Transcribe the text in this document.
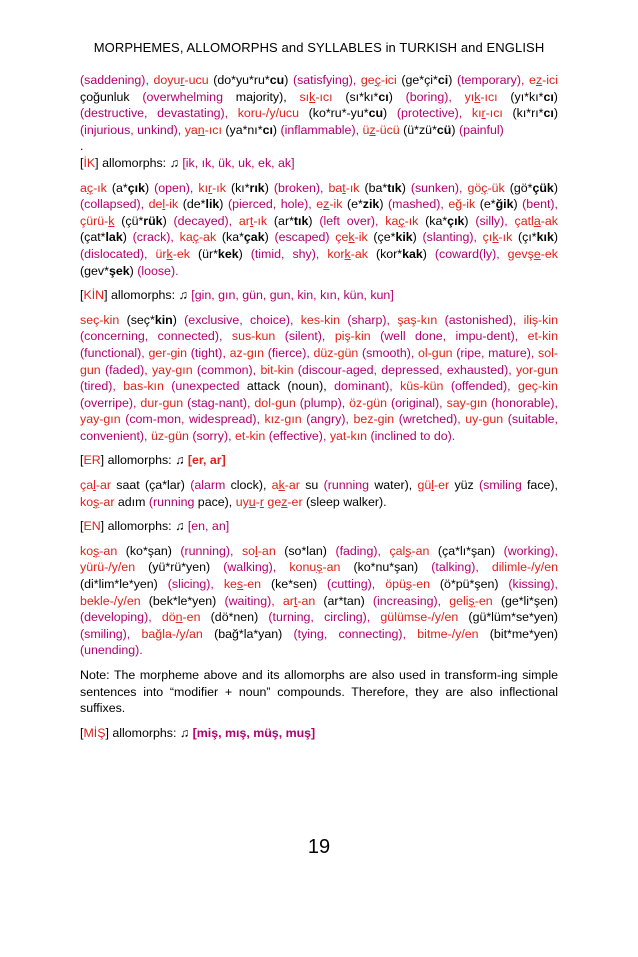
MORPHEMES, ALLOMORPHS and SYLLABLES in TURKISH and ENGLISH

(saddening), doyur-ucu (do*yu*ru*cu) (satisfying), geç-ici (ge*çi*ci) (temporary), ez-ici çoğunluk (overwhelming majority), sık-ıcı (sı*kı*cı) (boring), yık-ıcı (yı*kı*cı) (destructive, devastating), koru-/y/ucu (ko*ru*-yu*cu) (protective), kır-ıcı (kı*rı*cı) (injurious, unkind), yan-ıcı (ya*nı*cı) (inflammable), üz-ücü (ü*zü*cü) (painful)

.

[İK] allomorphs: ♫ [ik, ık, ük, uk, ek, ak]

aç-ık (a*çık) (open), kır-ık (kı*rık) (broken), bat-ık (ba*tık) (sunken), göç-ük (gö*çük) (collapsed), del-ik (de*lik) (pierced, hole), ez-ik (e*zik) (mashed), eğ-ik (e*ğik) (bent), çürü-k (çü*rük) (decayed), art-ık (ar*tık) (left over), kaç-ık (ka*çık) (silly), çatla-ak (çat*lak) (crack), kaç-ak (ka*çak) (escaped) çek-ik (çe*kik) (slanting), çık-ık (çı*kık) (dislocated), ürk-ek (ür*kek) (timid, shy), kork-ak (kor*kak) (coward(ly), gevşe-ek (gev*şek) (loose).

[KİN] allomorphs: ♫ [gin, gın, gün, gun, kin, kın, kün, kun]

seç-kin (seç*kin) (exclusive, choice), kes-kin (sharp), şaş-kın (astonished), iliş-kin (concerning, connected), sus-kun (silent), piş-kin (well done, impu-dent), et-kin (functional), ger-gin (tight), az-gın (fierce), düz-gün (smooth), ol-gun (ripe, mature), sol-gun (faded), yay-gın (common), bit-kin (discour-aged, depressed, exhausted), yor-gun (tired), bas-kın (unexpected attack (noun), dominant), küs-kün (offended), geç-kin (overripe), dur-gun (stag-nant), dol-gun (plump), öz-gün (original), say-gın (honorable), yay-gın (com-mon, widespread), kız-gın (angry), bez-gin (wretched), uy-gun (suitable, convenient), üz-gün (sorry), et-kin (effective), yat-kın (inclined to do).

[ER] allomorphs: ♫ [er, ar]

çal-ar saat (ça*lar) (alarm clock), ak-ar su (running water), gül-er yüz (smiling face), koş-ar adım (running pace), uyu-r gez-er (sleep walker).

[EN] allomorphs: ♫ [en, an]

koş-an (ko*şan) (running), sol-an (so*lan) (fading), çalş-an (ça*lı*şan) (working), yürü-/y/en (yü*rü*yen) (walking), konuş-an (ko*nu*şan) (talking), dilimle-/y/en (di*lim*le*yen) (slicing), kes-en (ke*sen) (cutting), öpüş-en (ö*pü*şen) (kissing), bekle-/y/en (bek*le*yen) (waiting), art-an (ar*tan) (increasing), geliş-en (ge*li*şen) (developing), dön-en (dö*nen) (turning, circling), gülümse-/y/en (gü*lüm*se*yen) (smiling), bağla-/y/an (bağ*la*yan) (tying, connecting), bitme-/y/en (bit*me*yen) (unending).

Note: The morpheme above and its allomorphs are also used in transform-ing simple sentences into “modifier + noun” compounds. Therefore, they are also inflectional suffixes.

[MİŞ] allomorphs: ♫ [miş, mış, müş, muş]

19
